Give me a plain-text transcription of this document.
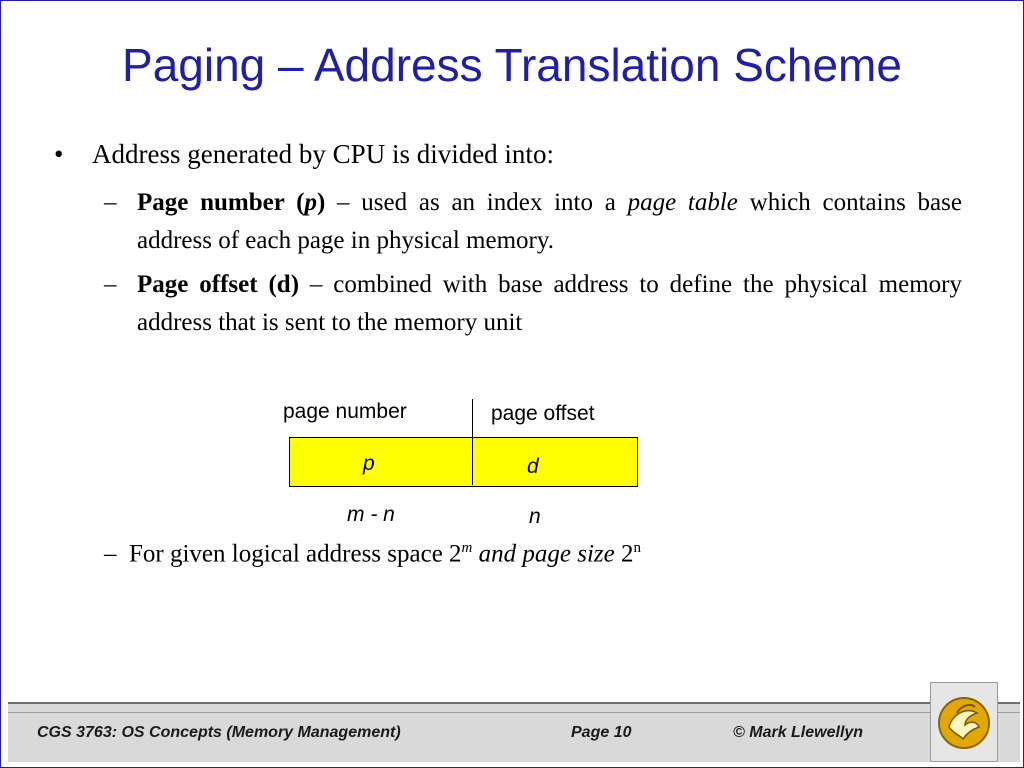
Paging – Address Translation Scheme
• Address generated by CPU is divided into:
– Page number (p) – used as an index into a page table which contains base address of each page in physical memory.
– Page offset (d) – combined with base address to define the physical memory address that is sent to the memory unit
page number	page offset
p	d
m - n	n
– For given logical address space 2$^m$ and page size 2$^n$
CGS 3763: OS Concepts (Memory Management)	Page 10	© Mark Llewellyn
